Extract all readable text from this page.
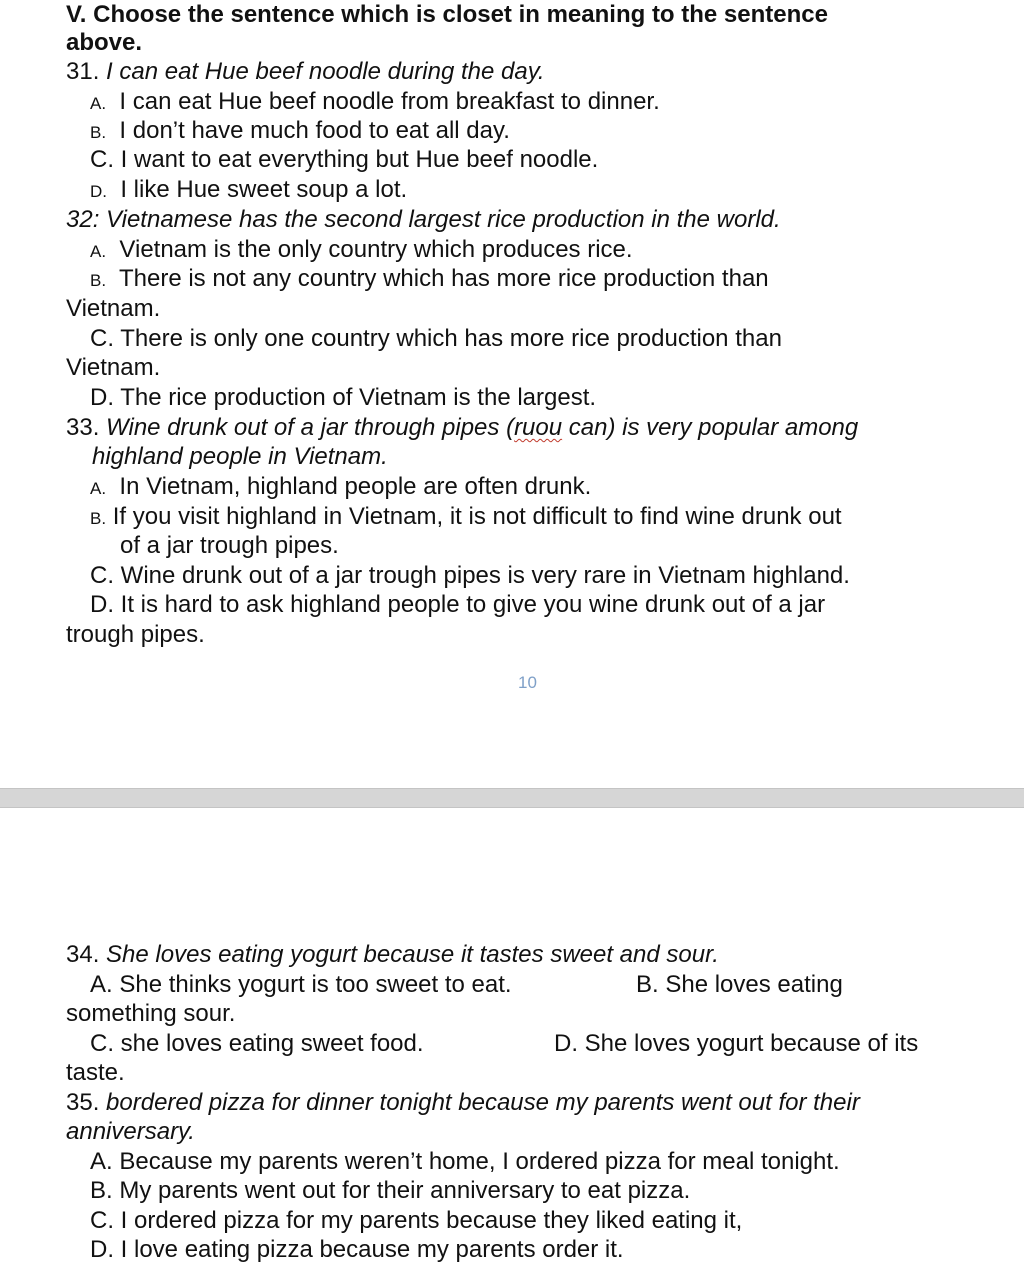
V. Choose the sentence which is closet in meaning to the sentence
above.
31. I can eat Hue beef noodle during the day.
A. I can eat Hue beef noodle from breakfast to dinner.
B. I don’t have much food to eat all day.
C. I want to eat everything but Hue beef noodle.
D. I like Hue sweet soup a lot.
32: Vietnamese has the second largest rice production in the world.
A. Vietnam is the only country which produces rice.
B. There is not any country which has more rice production than
Vietnam.
C. There is only one country which has more rice production than
Vietnam.
D. The rice production of Vietnam is the largest.
33. Wine drunk out of a jar through pipes (ruou can) is very popular among
highland people in Vietnam.
A. In Vietnam, highland people are often drunk.
B. If you visit highland in Vietnam, it is not difficult to find wine drunk out
of a jar trough pipes.
C. Wine drunk out of a jar trough pipes is very rare in Vietnam highland.
D. It is hard to ask highland people to give you wine drunk out of a jar
trough pipes.
10
34. She loves eating yogurt because it tastes sweet and sour.
A. She thinks yogurt is too sweet to eat.	B. She loves eating
something sour.
C. she loves eating sweet food.	D. She loves yogurt because of its
taste.
35. bordered pizza for dinner tonight because my parents went out for their
anniversary.
A. Because my parents weren’t home, I ordered pizza for meal tonight.
B. My parents went out for their anniversary to eat pizza.
C. I ordered pizza for my parents because they liked eating it,
D. I love eating pizza because my parents order it.
